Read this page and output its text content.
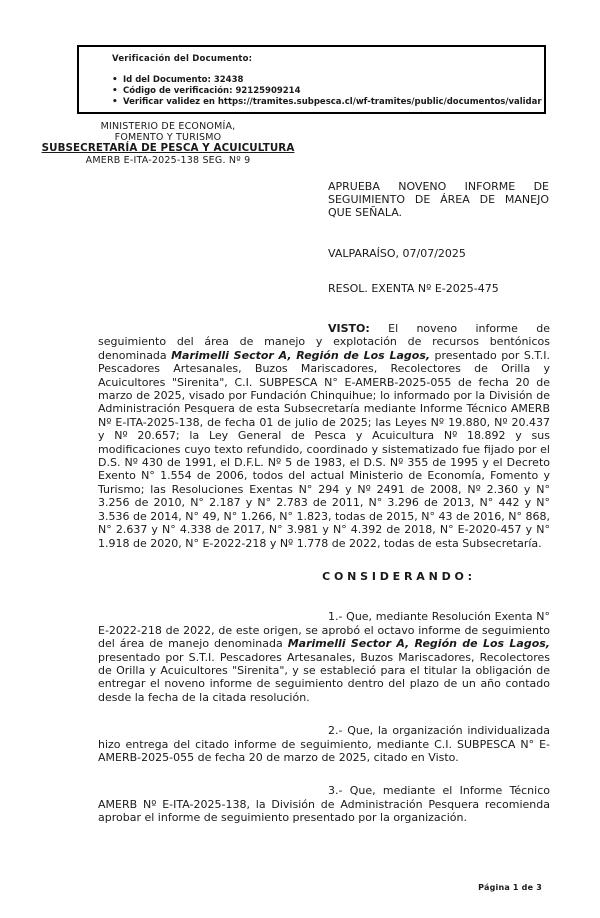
Verificación del Documento:
• Id del Documento: 32438
• Código de verificación: 92125909214
• Verificar validez en https://tramites.subpesca.cl/wf-tramites/public/documentos/validar
MINISTERIO DE ECONOMÍA,
FOMENTO Y TURISMO
SUBSECRETARÍA DE PESCA Y ACUICULTURA
AMERB E-ITA-2025-138 SEG. Nº 9
APRUEBA NOVENO INFORME DE SEGUIMIENTO DE ÁREA DE MANEJO QUE SEÑALA.
VALPARAÍSO, 07/07/2025
RESOL. EXENTA Nº E-2025-475

VISTO: El noveno informe de seguimiento del área de manejo y explotación de recursos bentónicos denominada Marimelli Sector A, Región de Los Lagos, presentado por S.T.I. Pescadores Artesanales, Buzos Mariscadores, Recolectores de Orilla y Acuicultores "Sirenita", C.I. SUBPESCA N° E-AMERB-2025-055 de fecha 20 de marzo de 2025, visado por Fundación Chinquihue; lo informado por la División de Administración Pesquera de esta Subsecretaría mediante Informe Técnico AMERB Nº E-ITA-2025-138, de fecha 01 de julio de 2025; las Leyes Nº 19.880, Nº 20.437 y Nº 20.657; la Ley General de Pesca y Acuicultura Nº 18.892 y sus modificaciones cuyo texto refundido, coordinado y sistematizado fue fijado por el D.S. Nº 430 de 1991, el D.F.L. Nº 5 de 1983, el D.S. Nº 355 de 1995 y el Decreto Exento N° 1.554 de 2006, todos del actual Ministerio de Economía, Fomento y Turismo; las Resoluciones Exentas N° 294 y Nº 2491 de 2008, Nº 2.360 y N° 3.256 de 2010, N° 2.187 y N° 2.783 de 2011, N° 3.296 de 2013, N° 442 y N° 3.536 de 2014, N° 49, N° 1.266, N° 1.823, todas de 2015, N° 43 de 2016, N° 868, N° 2.637 y N° 4.338 de 2017, N° 3.981 y N° 4.392 de 2018, N° E-2020-457 y N° 1.918 de 2020, N° E-2022-218 y Nº 1.778 de 2022, todas de esta Subsecretaría.

CONSIDERANDO:

1.- Que, mediante Resolución Exenta N° E-2022-218 de 2022, de este origen, se aprobó el octavo informe de seguimiento del área de manejo denominada Marimelli Sector A, Región de Los Lagos, presentado por S.T.I. Pescadores Artesanales, Buzos Mariscadores, Recolectores de Orilla y Acuicultores "Sirenita", y se estableció para el titular la obligación de entregar el noveno informe de seguimiento dentro del plazo de un año contado desde la fecha de la citada resolución.

2.- Que, la organización individualizada hizo entrega del citado informe de seguimiento, mediante C.I. SUBPESCA N° E-AMERB-2025-055 de fecha 20 de marzo de 2025, citado en Visto.

3.- Que, mediante el Informe Técnico AMERB Nº E-ITA-2025-138, la División de Administración Pesquera recomienda aprobar el informe de seguimiento presentado por la organización.

Página 1 de 3
